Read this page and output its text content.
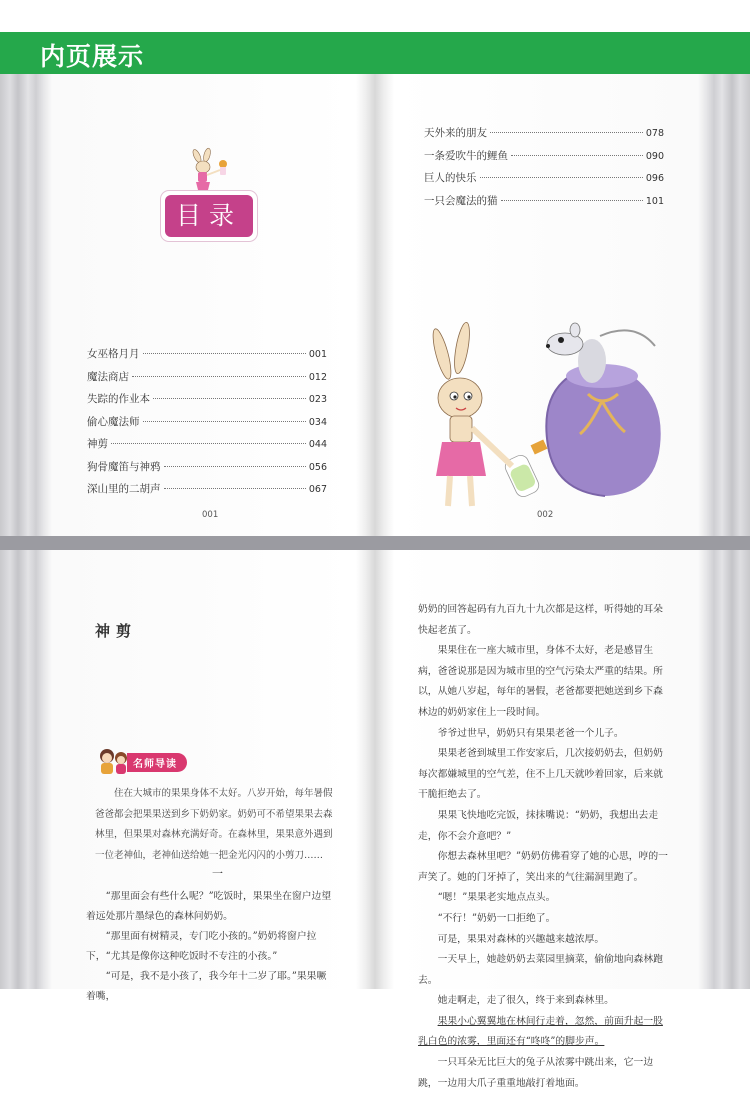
内页展示
目录
女巫格月月	001
魔法商店	012
失踪的作业本	023
偷心魔法师	034
神剪	044
狗骨魔笛与神鸦	056
深山里的二胡声	067
天外来的朋友	078
一条爱吹牛的鲤鱼	090
巨人的快乐	096
一只会魔法的猫	101
001	002
神剪
名师导读

住在大城市的果果身体不太好。八岁开始，每年暑假爸爸都会把果果送到乡下奶奶家。奶奶可不希望果果去森林里，但果果对森林充满好奇。在森林里，果果意外遇到一位老神仙，老神仙送给她一把金光闪闪的小剪刀……

一

“那里面会有些什么呢？”吃饭时，果果坐在窗户边望着远处那片墨绿色的森林问奶奶。

“那里面有树精灵，专门吃小孩的。”奶奶将窗户拉下，“尤其是像你这种吃饭时不专注的小孩。”

“可是，我不是小孩了，我今年十二岁了耶。”果果噘着嘴，

奶奶的回答起码有九百九十九次都是这样，听得她的耳朵快起老茧了。

果果住在一座大城市里，身体不太好，老是感冒生病，爸爸说那是因为城市里的空气污染太严重的结果。所以，从她八岁起，每年的暑假，老爸都要把她送到乡下森林边的奶奶家住上一段时间。

爷爷过世早，奶奶只有果果老爸一个儿子。

果果老爸到城里工作安家后，几次接奶奶去，但奶奶每次都嫌城里的空气差，住不上几天就吵着回家，后来就干脆拒绝去了。

果果飞快地吃完饭，抹抹嘴说：“奶奶，我想出去走走，你不会介意吧？”

你想去森林里吧？”奶奶仿佛看穿了她的心思，哼的一声笑了。她的门牙掉了，笑出来的气往漏洞里跑了。

“嗯！”果果老实地点点头。

“不行！”奶奶一口拒绝了。

可是，果果对森林的兴趣越来越浓厚。

一天早上，她趁奶奶去菜园里摘菜，偷偷地向森林跑去。

她走啊走，走了很久，终于来到森林里。

果果小心翼翼地在林间行走着，忽然，前面升起一股乳白色的浓雾，里面还有“咚咚”的脚步声。

一只耳朵无比巨大的兔子从浓雾中跳出来，它一边跳，一边用大爪子重重地敲打着地面。
